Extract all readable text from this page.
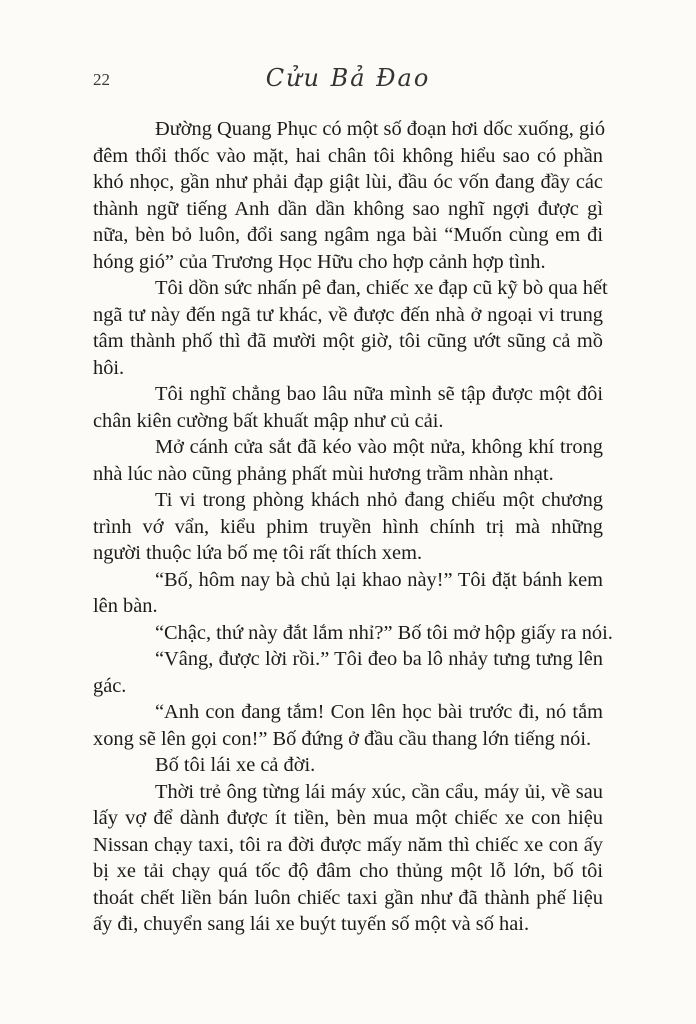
22	Cửu Bả Đao
Đường Quang Phục có một số đoạn hơi dốc xuống, gió
đêm thổi thốc vào mặt, hai chân tôi không hiểu sao có phần
khó nhọc, gần như phải đạp giật lùi, đầu óc vốn đang đầy các
thành ngữ tiếng Anh dần dần không sao nghĩ ngợi được gì
nữa, bèn bỏ luôn, đổi sang ngâm nga bài “Muốn cùng em đi
hóng gió” của Trương Học Hữu cho hợp cảnh hợp tình.
Tôi dồn sức nhấn pê đan, chiếc xe đạp cũ kỹ bò qua hết
ngã tư này đến ngã tư khác, về được đến nhà ở ngoại vi trung
tâm thành phố thì đã mười một giờ, tôi cũng ướt sũng cả mồ
hôi.
Tôi nghĩ chẳng bao lâu nữa mình sẽ tập được một đôi
chân kiên cường bất khuất mập như củ cải.
Mở cánh cửa sắt đã kéo vào một nửa, không khí trong
nhà lúc nào cũng phảng phất mùi hương trầm nhàn nhạt.
Ti vi trong phòng khách nhỏ đang chiếu một chương
trình vớ vẩn, kiểu phim truyền hình chính trị mà những
người thuộc lứa bố mẹ tôi rất thích xem.
“Bố, hôm nay bà chủ lại khao này!” Tôi đặt bánh kem
lên bàn.
“Chậc, thứ này đắt lắm nhỉ?” Bố tôi mở hộp giấy ra nói.
“Vâng, được lời rồi.” Tôi đeo ba lô nhảy tưng tưng lên
gác.
“Anh con đang tắm! Con lên học bài trước đi, nó tắm
xong sẽ lên gọi con!” Bố đứng ở đầu cầu thang lớn tiếng nói.
Bố tôi lái xe cả đời.
Thời trẻ ông từng lái máy xúc, cần cẩu, máy ủi, về sau
lấy vợ để dành được ít tiền, bèn mua một chiếc xe con hiệu
Nissan chạy taxi, tôi ra đời được mấy năm thì chiếc xe con ấy
bị xe tải chạy quá tốc độ đâm cho thủng một lỗ lớn, bố tôi
thoát chết liền bán luôn chiếc taxi gần như đã thành phế liệu
ấy đi, chuyển sang lái xe buýt tuyến số một và số hai.
